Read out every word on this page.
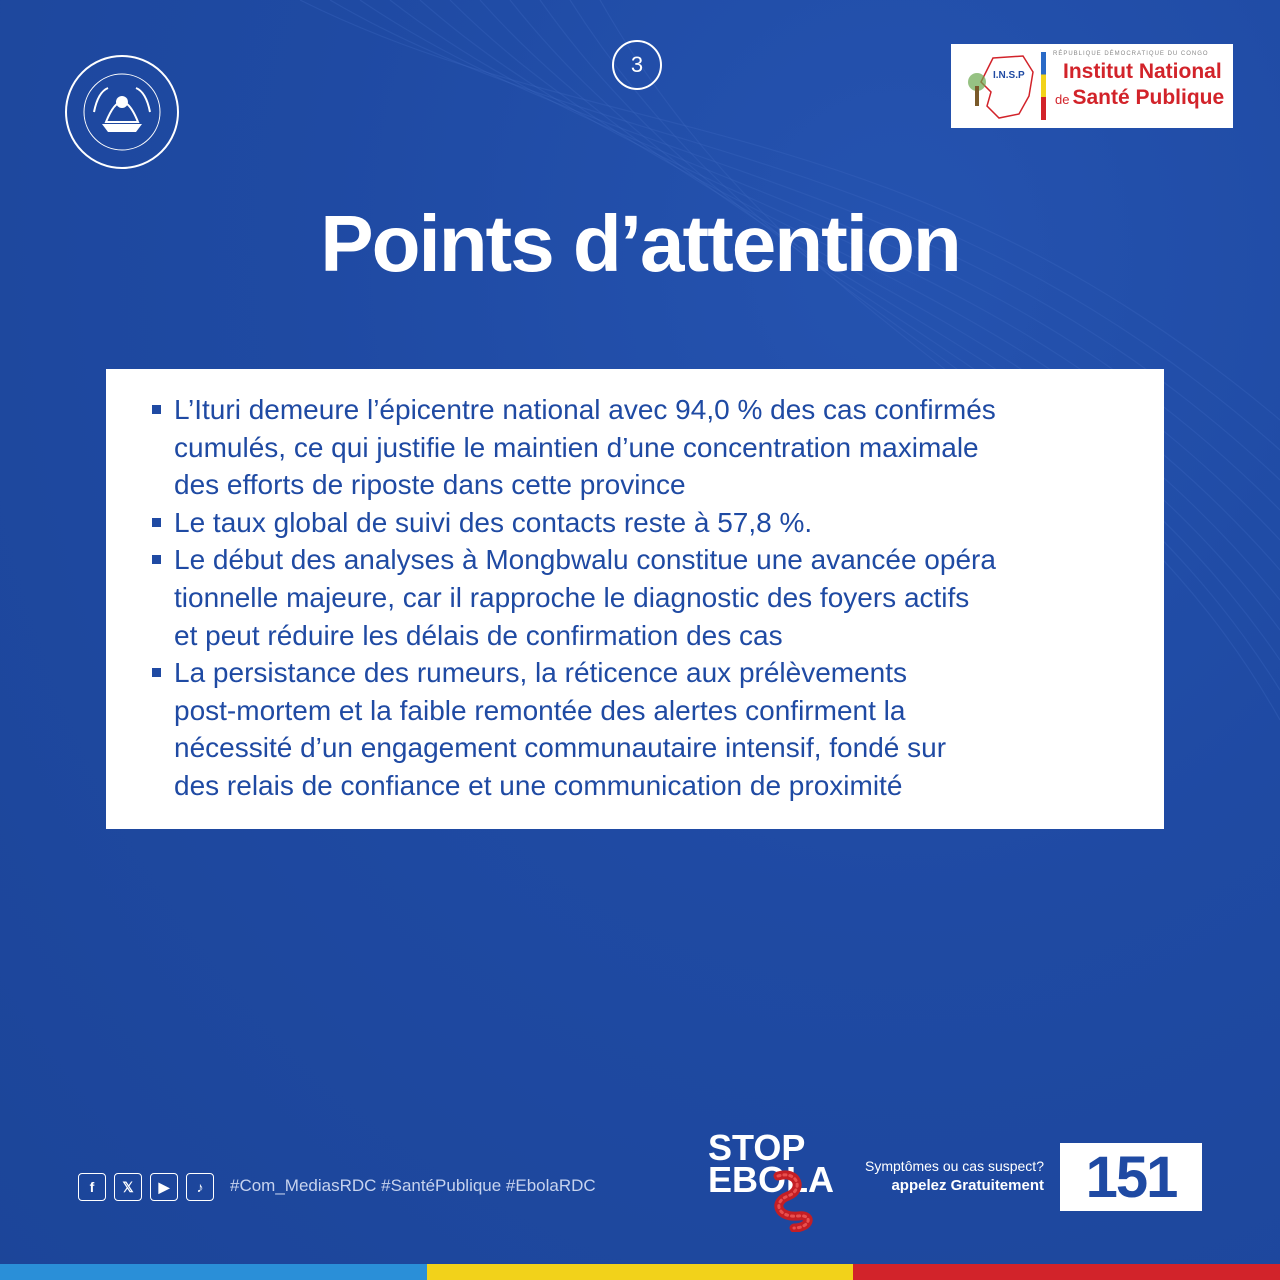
3	I.N.S.P
RÉPUBLIQUE DÉMOCRATIQUE DU CONGO
Institut National
de Santé Publique
Points d’attention
L’Ituri demeure l’épicentre national avec 94,0 % des cas confirmés
cumulés, ce qui justifie le maintien d’une concentration maximale
des efforts de riposte dans cette province
Le taux global de suivi des contacts reste à 57,8 %.
Le début des analyses à Mongbwalu constitue une avancée opéra
tionnelle majeure, car il rapproche le diagnostic des foyers actifs
et peut réduire les délais de confirmation des cas
La persistance des rumeurs, la réticence aux prélèvements
post-mortem et la faible remontée des alertes confirment la
nécessité d’un engagement communautaire intensif, fondé sur
des relais de confiance et une communication de proximité
f	𝕏	▶	♪	#Com_MediasRDC #SantéPublique #EbolaRDC
STOP
EBOLA Symptômes ou cas suspect?
appelez Gratuitement 151
